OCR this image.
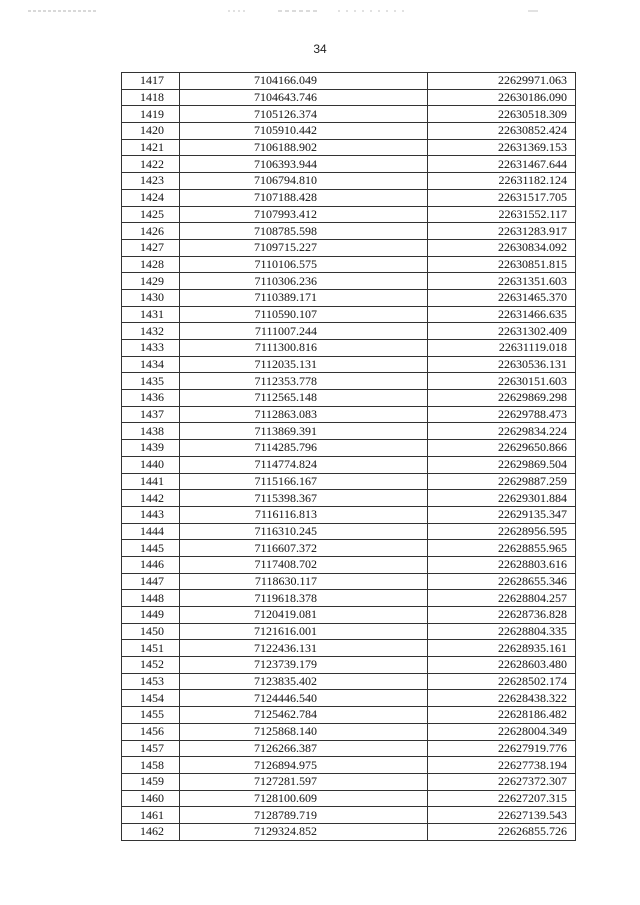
34
1417	7104166.049	22629971.063
1418	7104643.746	22630186.090
1419	7105126.374	22630518.309
1420	7105910.442	22630852.424
1421	7106188.902	22631369.153
1422	7106393.944	22631467.644
1423	7106794.810	22631182.124
1424	7107188.428	22631517.705
1425	7107993.412	22631552.117
1426	7108785.598	22631283.917
1427	7109715.227	22630834.092
1428	7110106.575	22630851.815
1429	7110306.236	22631351.603
1430	7110389.171	22631465.370
1431	7110590.107	22631466.635
1432	7111007.244	22631302.409
1433	7111300.816	22631119.018
1434	7112035.131	22630536.131
1435	7112353.778	22630151.603
1436	7112565.148	22629869.298
1437	7112863.083	22629788.473
1438	7113869.391	22629834.224
1439	7114285.796	22629650.866
1440	7114774.824	22629869.504
1441	7115166.167	22629887.259
1442	7115398.367	22629301.884
1443	7116116.813	22629135.347
1444	7116310.245	22628956.595
1445	7116607.372	22628855.965
1446	7117408.702	22628803.616
1447	7118630.117	22628655.346
1448	7119618.378	22628804.257
1449	7120419.081	22628736.828
1450	7121616.001	22628804.335
1451	7122436.131	22628935.161
1452	7123739.179	22628603.480
1453	7123835.402	22628502.174
1454	7124446.540	22628438.322
1455	7125462.784	22628186.482
1456	7125868.140	22628004.349
1457	7126266.387	22627919.776
1458	7126894.975	22627738.194
1459	7127281.597	22627372.307
1460	7128100.609	22627207.315
1461	7128789.719	22627139.543
1462	7129324.852	22626855.726
